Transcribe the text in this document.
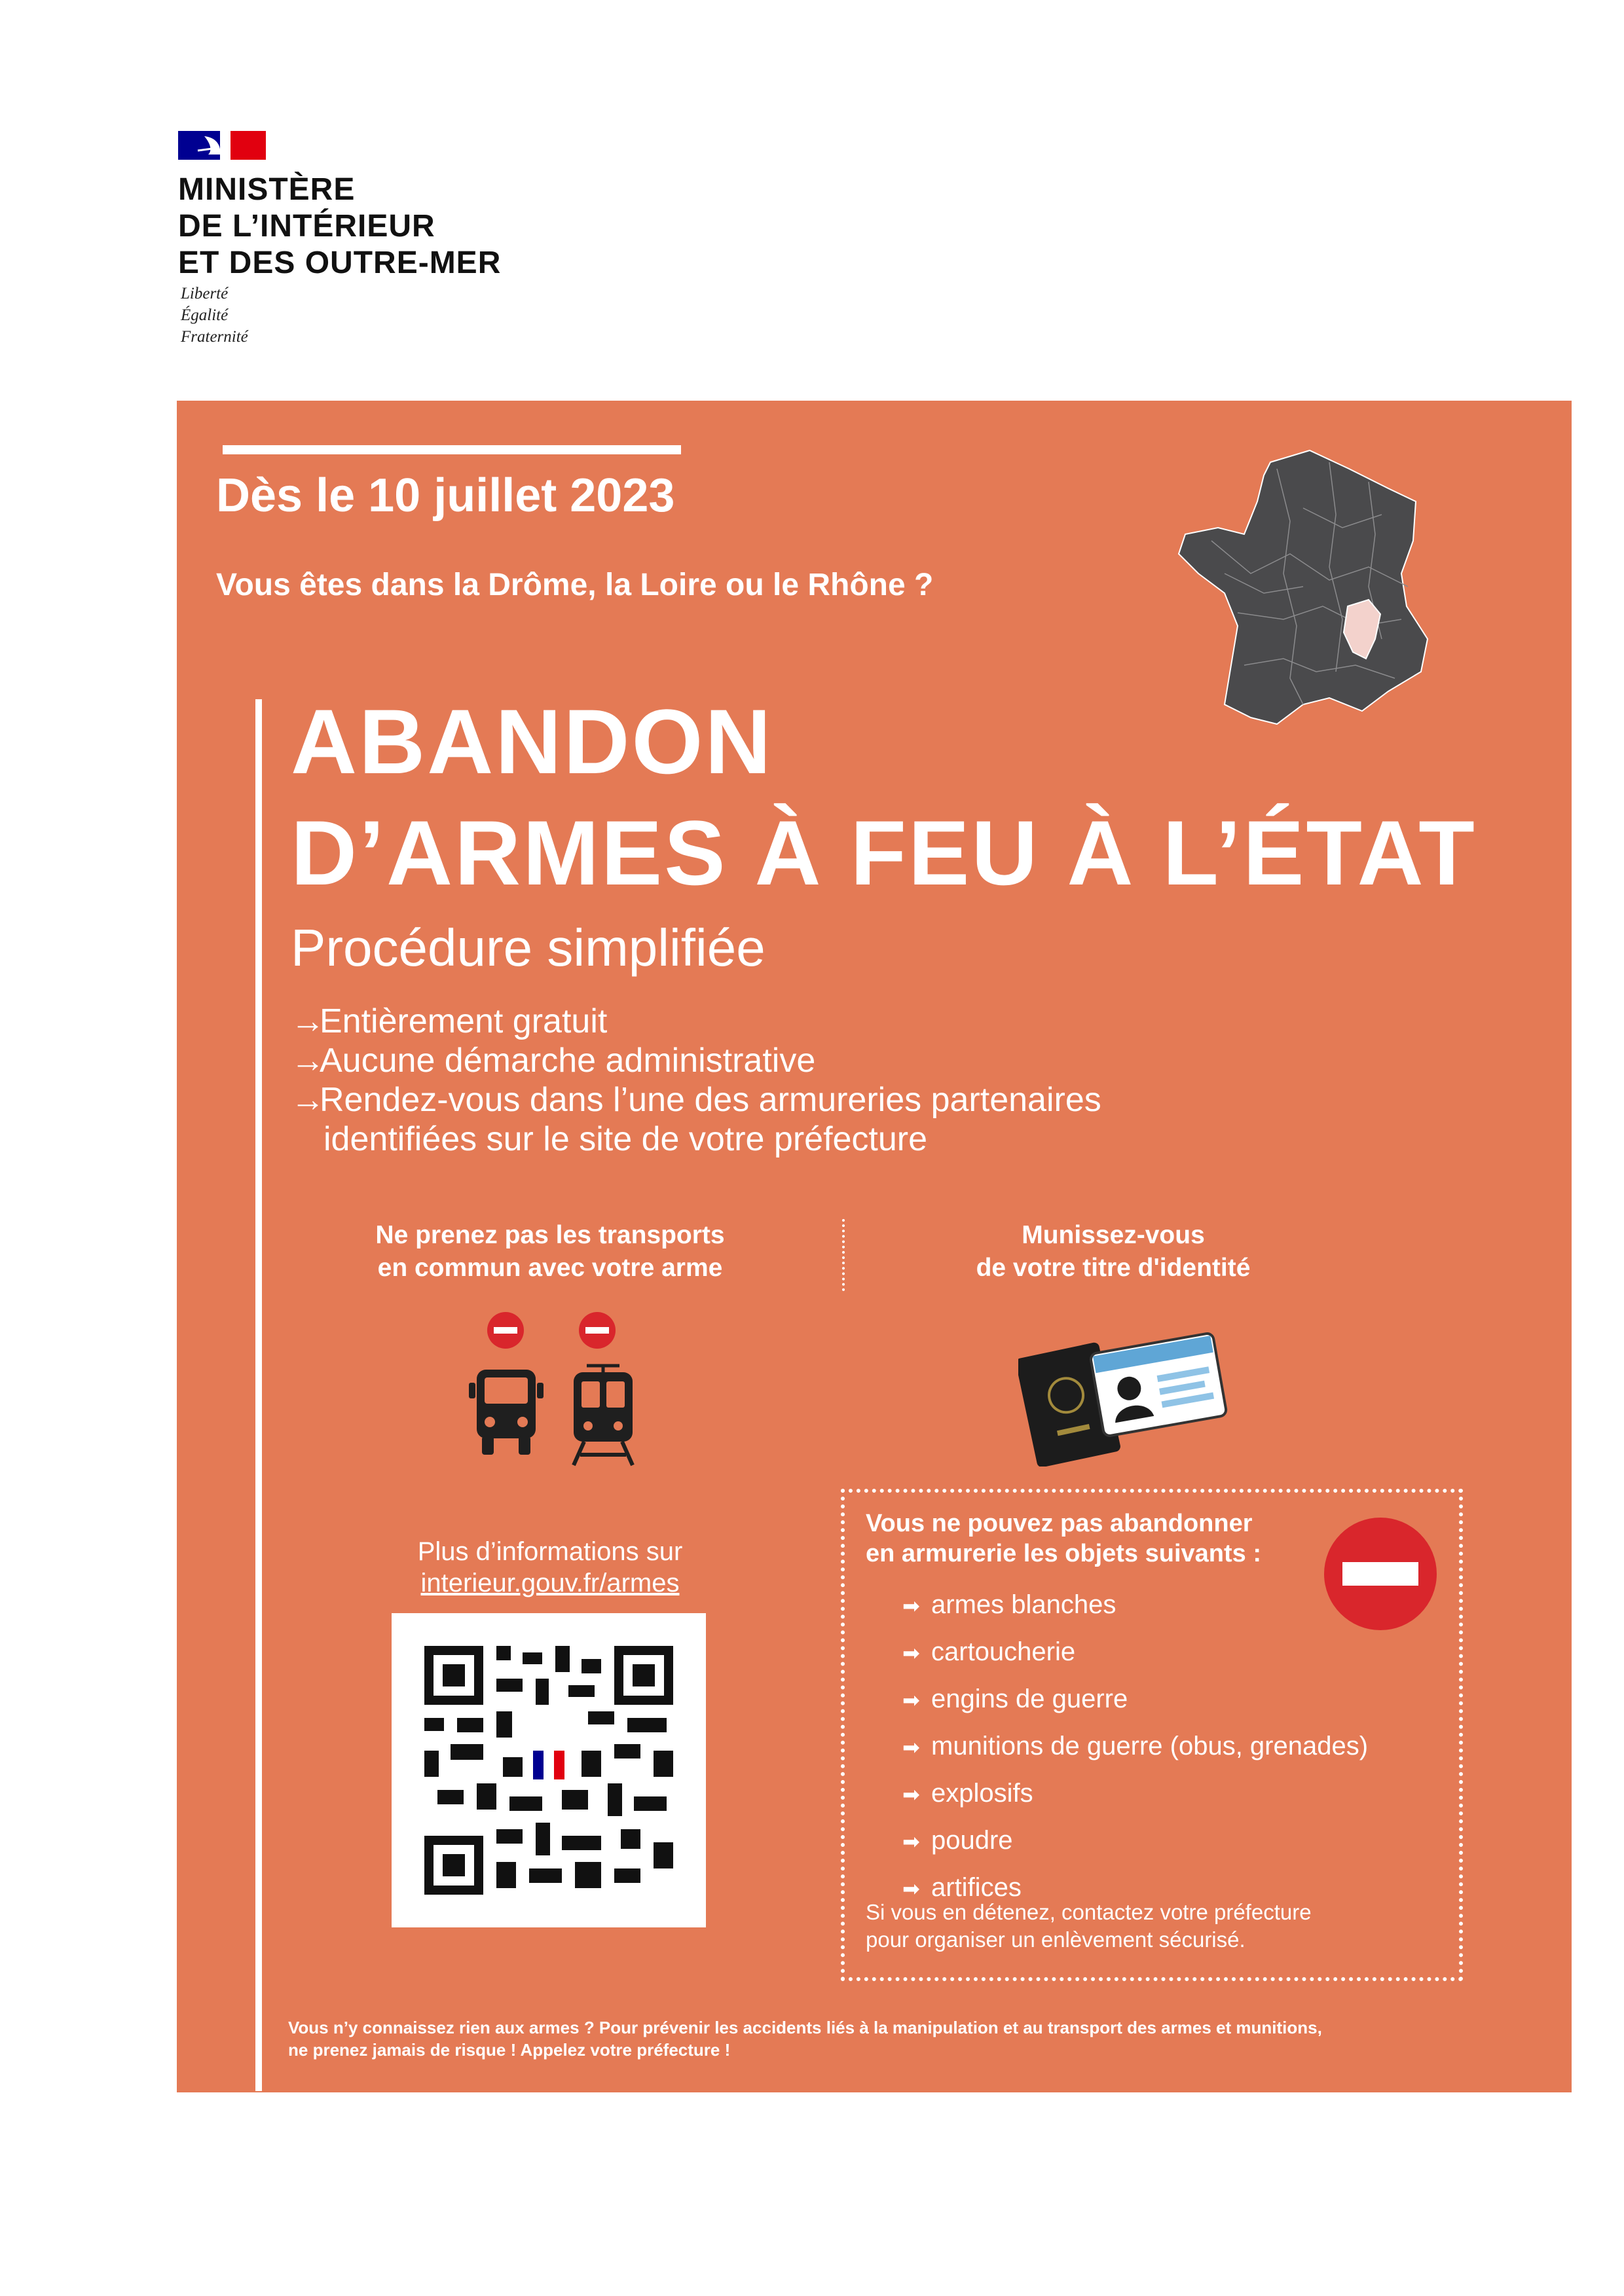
MINISTÈRE
DE L’INTÉRIEUR
ET DES OUTRE-MER
Liberté
Égalité
Fraternité
Dès le 10 juillet 2023
Vous êtes dans la Drôme, la Loire ou le Rhône ?
ABANDON
D’ARMES À FEU À L’ÉTAT
Procédure simplifiée
→Entièrement gratuit
→Aucune démarche administrative
→Rendez-vous dans l’une des armureries partenaires
identifiées sur le site de votre préfecture
Ne prenez pas les transports
en commun avec votre arme
Plus d’informations sur
interieur.gouv.fr/armes
Munissez-vous
de votre titre d'identité
Vous ne pouvez pas abandonner
en armurerie les objets suivants :
➡ armes blanches
➡ cartoucherie
➡ engins de guerre
➡ munitions de guerre (obus, grenades)
➡ explosifs
➡ poudre
➡ artifices
Si vous en détenez, contactez votre préfecture
pour organiser un enlèvement sécurisé.
Vous n’y connaissez rien aux armes ? Pour prévenir les accidents liés à la manipulation et au transport des armes et munitions,
ne prenez jamais de risque ! Appelez votre préfecture !
